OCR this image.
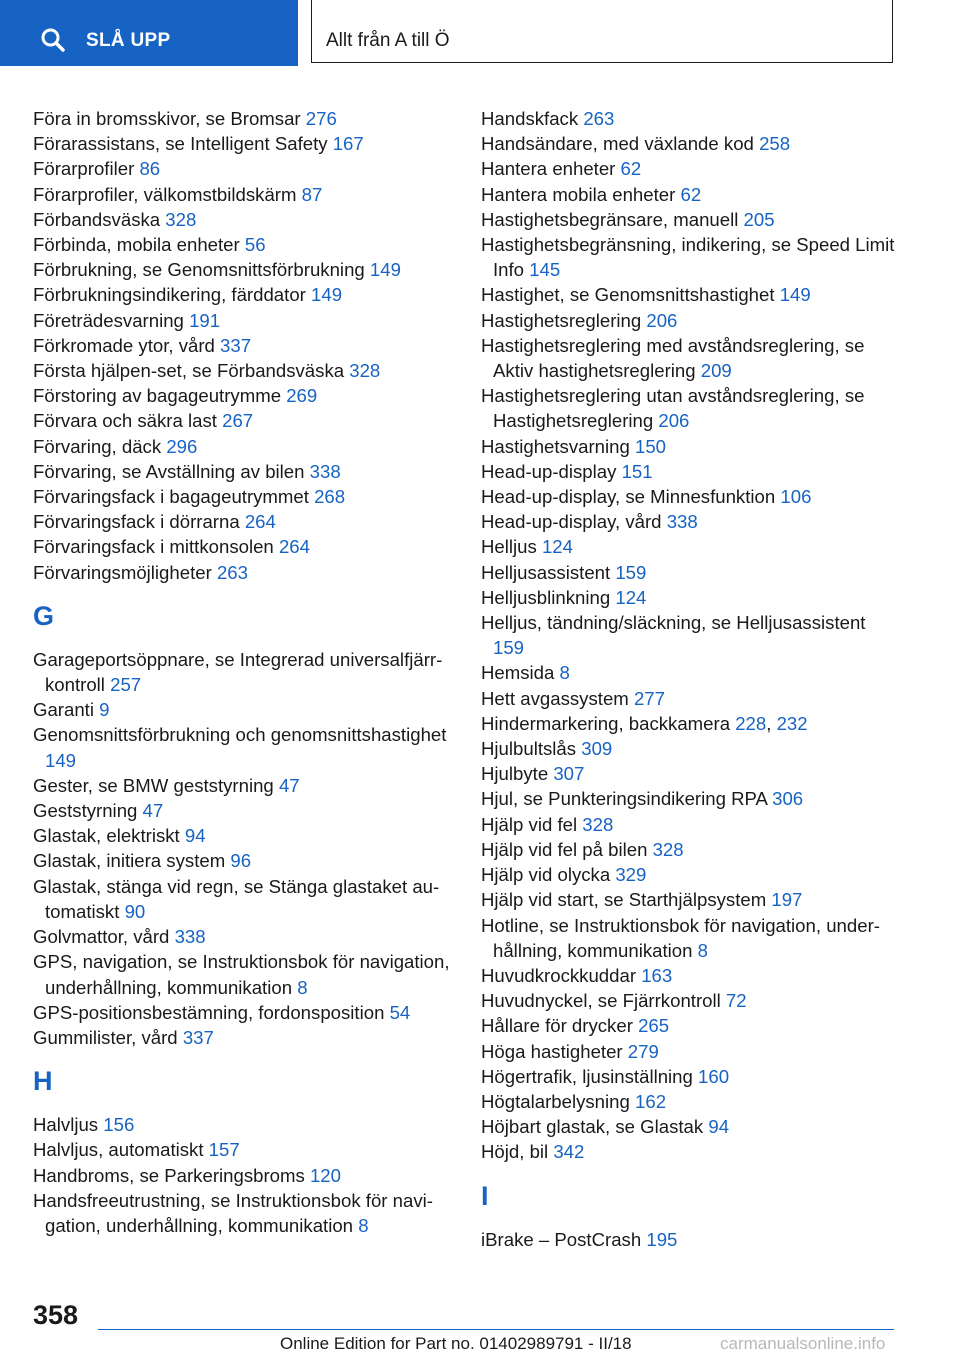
SLÅ UPP	Allt från A till Ö
Föra in bromsskivor, se Bromsar 276
Förarassistans, se Intelligent Safety 167
Förarprofiler 86
Förarprofiler, välkomstbildskärm 87
Förbandsväska 328
Förbinda, mobila enheter 56
Förbrukning, se Genomsnittsförbrukning 149
Förbrukningsindikering, färddator 149
Företrädesvarning 191
Förkromade ytor, vård 337
Första hjälpen-set, se Förbandsväska 328
Förstoring av bagageutrymme 269
Förvara och säkra last 267
Förvaring, däck 296
Förvaring, se Avställning av bilen 338
Förvaringsfack i bagageutrymmet 268
Förvaringsfack i dörrarna 264
Förvaringsfack i mittkonsolen 264
Förvaringsmöjligheter 263
G
Garageportsöppnare, se Integrerad universalfjärrkontroll 257
Garanti 9
Genomsnittsförbrukning och genomsnittshastighet 149
Gester, se BMW geststyrning 47
Geststyrning 47
Glastak, elektriskt 94
Glastak, initiera system 96
Glastak, stänga vid regn, se Stänga glastaket automatiskt 90
Golvmattor, vård 338
GPS, navigation, se Instruktionsbok för navigation, underhållning, kommunikation 8
GPS-positionsbestämning, fordonsposition 54
Gummilister, vård 337
H
Halvljus 156
Halvljus, automatiskt 157
Handbroms, se Parkeringsbroms 120
Handsfreeutrustning, se Instruktionsbok för navigation, underhållning, kommunikation 8
Handskfack 263
Handsändare, med växlande kod 258
Hantera enheter 62
Hantera mobila enheter 62
Hastighetsbegränsare, manuell 205
Hastighetsbegränsning, indikering, se Speed Limit Info 145
Hastighet, se Genomsnittshastighet 149
Hastighetsreglering 206
Hastighetsreglering med avståndsreglering, se Aktiv hastighetsreglering 209
Hastighetsreglering utan avståndsreglering, se Hastighetsreglering 206
Hastighetsvarning 150
Head-up-display 151
Head-up-display, se Minnesfunktion 106
Head-up-display, vård 338
Helljus 124
Helljusassistent 159
Helljusblinkning 124
Helljus, tändning/släckning, se Helljusassistent 159
Hemsida 8
Hett avgassystem 277
Hindermarkering, backkamera 228, 232
Hjulbultslås 309
Hjulbyte 307
Hjul, se Punkteringsindikering RPA 306
Hjälp vid fel 328
Hjälp vid fel på bilen 328
Hjälp vid olycka 329
Hjälp vid start, se Starthjälpsystem 197
Hotline, se Instruktionsbok för navigation, underhållning, kommunikation 8
Huvudkrockkuddar 163
Huvudnyckel, se Fjärrkontroll 72
Hållare för drycker 265
Höga hastigheter 279
Högertrafik, ljusinställning 160
Högtalarbelysning 162
Höjbart glastak, se Glastak 94
Höjd, bil 342
I
iBrake – PostCrash 195
358
Online Edition for Part no. 01402989791 - II/18	carmanualsonline.info
